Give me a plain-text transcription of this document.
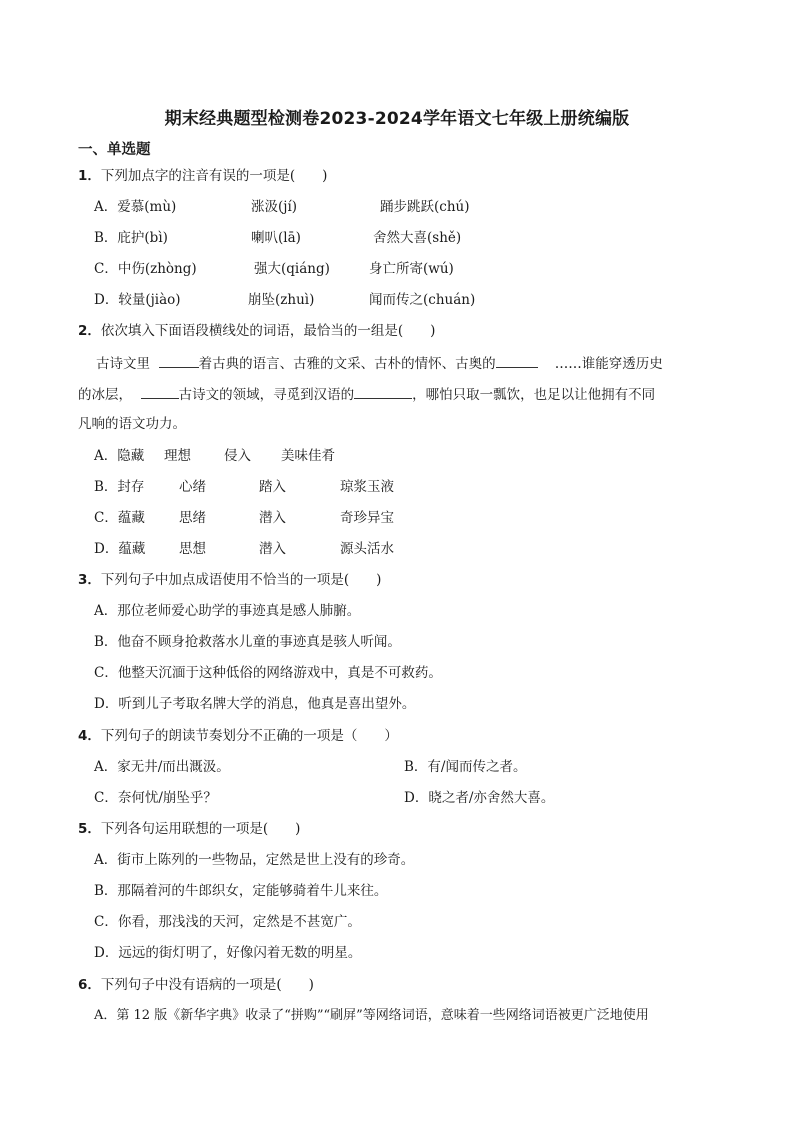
期末经典题型检测卷2023-2024学年语文七年级上册统编版
一、单选题
1．下列加点字的注音有误的一项是(　　)
A．爱慕(mù)	涨汲(jí)	踊步跳跃(chú)
B．庇护(bì)	喇叭(lā)	舍然大喜(shě)
C．中伤(zhòng)	强大(qiáng)	身亡所寄(wú)
D．较量(jiào)	崩坠(zhuì)	闻而传之(chuán)
2．依次填入下面语段横线处的词语，最恰当的一组是(　　)
古诗文里	着古典的语言、古雅的文采、古朴的情怀、古奥的	……谁能穿透历史
的冰层，	古诗文的领域，寻觅到汉语的	，哪怕只取一瓢饮，也足以让他拥有不同
凡响的语文功力。
A．隐藏 理想 侵入 美味佳肴
B．封存	心绪	踏入	琼浆玉液
C．蕴藏	思绪	潜入	奇珍异宝
D．蕴藏 思想	潜入	源头活水
3．下列句子中加点成语使用不恰当的一项是(　　)
A．那位老师爱心助学的事迹真是感人肺腑。
B．他奋不顾身抢救落水儿童的事迹真是骇人听闻。
C．他整天沉湎于这种低俗的网络游戏中，真是不可救药。
D．听到儿子考取名牌大学的消息，他真是喜出望外。
4．下列句子的朗读节奏划分不正确的一项是（　　）
A．家无井/而出溉汲。	B．有/闻而传之者。
C．奈何忧/崩坠乎？	D．晓之者/亦舍然大喜。
5．下列各句运用联想的一项是(　　)
A．街市上陈列的一些物品，定然是世上没有的珍奇。
B．那隔着河的牛郎织女，定能够骑着牛儿来往。
C．你看，那浅浅的天河，定然是不甚宽广。
D．远远的街灯明了，好像闪着无数的明星。
6．下列句子中没有语病的一项是(　　)
A．第 12 版《新华字典》收录了“拼购”“刷屏”等网络词语，意味着一些网络词语被更广泛地使用
